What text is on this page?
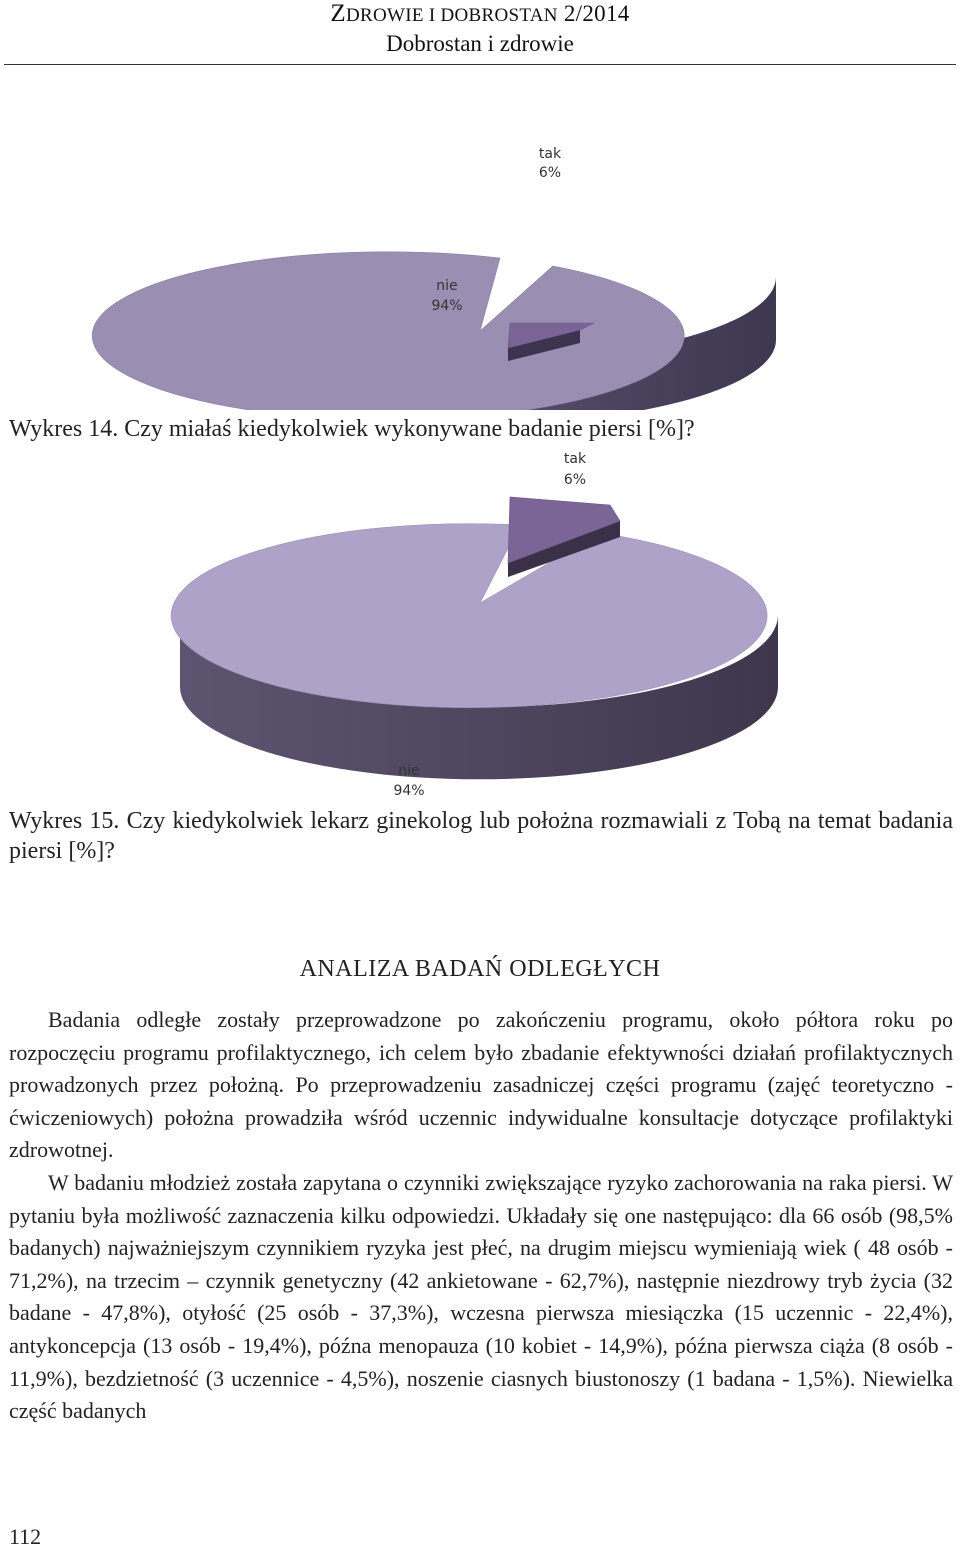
ZDROWIE I DOBROSTAN 2/2014
Dobrostan i zdrowie
tak
6%
nie
94%
Wykres 14. Czy miałaś kiedykolwiek wykonywane badanie piersi [%]?
tak
6%
nie
94%
Wykres 15. Czy kiedykolwiek lekarz ginekolog lub położna rozmawiali z Tobą na temat badania piersi [%]?
ANALIZA BADAŃ ODLEGŁYCH

Badania odległe zostały przeprowadzone po zakończeniu programu, około półtora roku po rozpoczęciu programu profilaktycznego, ich celem było zbadanie efektywności działań profilaktycznych prowadzonych przez położną. Po przeprowadzeniu zasadniczej części programu (zajęć teoretyczno - ćwiczeniowych) położna prowadziła wśród uczennic indywidualne konsultacje dotyczące profilaktyki zdrowotnej.

W badaniu młodzież została zapytana o czynniki zwiększające ryzyko zachorowania na raka piersi. W pytaniu była możliwość zaznaczenia kilku odpowiedzi. Układały się one następująco: dla 66 osób (98,5% badanych) najważniejszym czynnikiem ryzyka jest płeć, na drugim miejscu wymieniają wiek ( 48 osób - 71,2%), na trzecim – czynnik genetyczny (42 ankietowane - 62,7%), następnie niezdrowy tryb życia (32 badane - 47,8%), otyłość (25 osób - 37,3%), wczesna pierwsza miesiączka (15 uczennic - 22,4%), antykoncepcja (13 osób - 19,4%), późna menopauza (10 kobiet - 14,9%), późna pierwsza ciąża (8 osób - 11,9%), bezdzietność (3 uczennice - 4,5%), noszenie ciasnych biustonoszy (1 badana - 1,5%). Niewielka część badanych

112
